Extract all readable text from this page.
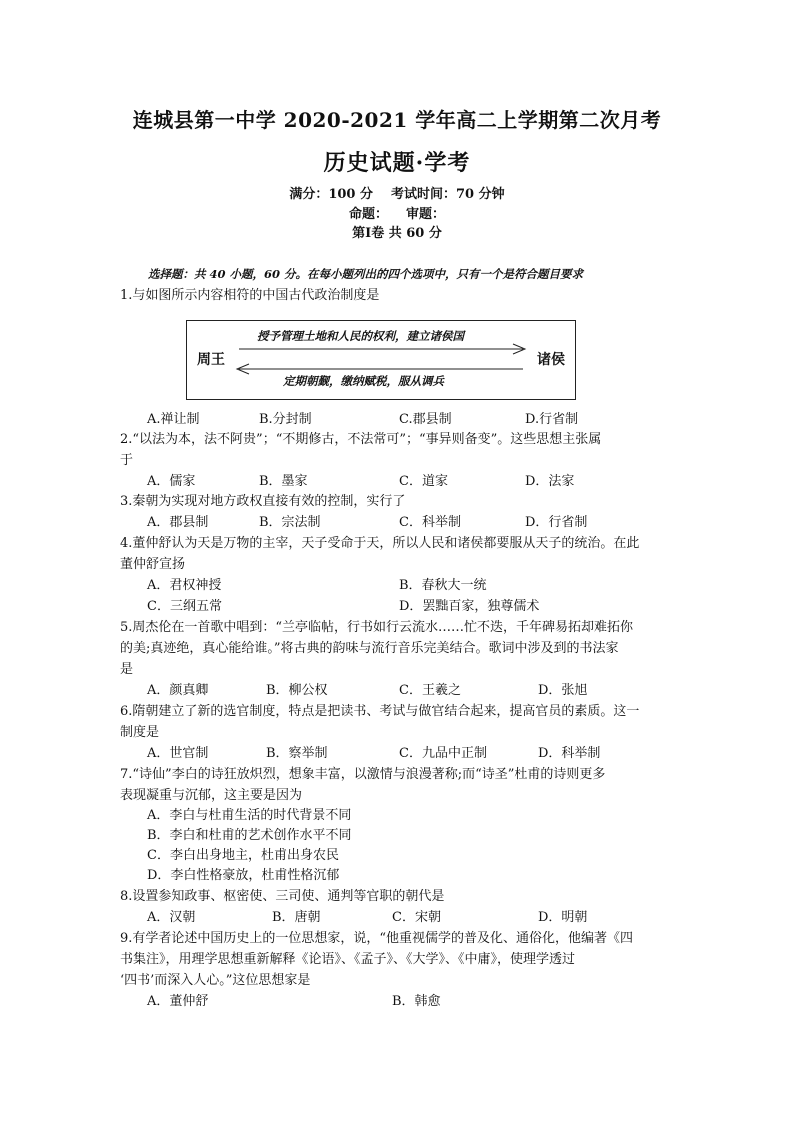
连城县第一中学 2020-2021 学年高二上学期第二次月考
历史试题·学考
满分：100 分 考试时间：70 分钟
命题： 审题：
第Ⅰ卷 共 60 分
选择题：共 40 小题，60 分。在每小题列出的四个选项中，只有一个是符合题目要求
1.与如图所示内容相符的中国古代政治制度是
周王	诸侯
授予管理土地和人民的权利，建立诸侯国
定期朝觐，缴纳赋税，服从调兵
A.禅让制	B.分封制	C.郡县制	D.行省制
2.“以法为本，法不阿贵”；“不期修古，不法常可”；“事异则备变”。这些思想主张属
于
A．儒家	B．墨家	C．道家	D．法家
3.秦朝为实现对地方政权直接有效的控制，实行了
A．郡县制	B．宗法制	C．科举制	D．行省制
4.董仲舒认为天是万物的主宰，天子受命于天，所以人民和诸侯都要服从天子的统治。在此
董仲舒宣扬
A．君权神授	B．春秋大一统
C．三纲五常	D．罢黜百家，独尊儒术
5.周杰伦在一首歌中唱到：“兰亭临帖，行书如行云流水……忙不迭，千年碑易拓却难拓你
的美;真迹绝，真心能给谁。”将古典的韵味与流行音乐完美结合。歌词中涉及到的书法家
是
A．颜真卿	B．柳公权	C．王羲之	D．张旭
6.隋朝建立了新的选官制度，特点是把读书、考试与做官结合起来，提高官员的素质。这一
制度是
A．世官制	B．察举制	C．九品中正制	D．科举制
7.“诗仙”李白的诗狂放炽烈，想象丰富，以激情与浪漫著称;而“诗圣”杜甫的诗则更多
表现凝重与沉郁，这主要是因为
A．李白与杜甫生活的时代背景不同
B．李白和杜甫的艺术创作水平不同
C．李白出身地主，杜甫出身农民
D．李白性格豪放，杜甫性格沉郁
8.设置参知政事、枢密使、三司使、通判等官职的朝代是
A．汉朝	B．唐朝	C．宋朝	D．明朝
9.有学者论述中国历史上的一位思想家，说，“他重视儒学的普及化、通俗化，他编著《四
书集注》，用理学思想重新解释《论语》、《孟子》、《大学》、《中庸》，使理学透过
‘四书’而深入人心。”这位思想家是
A．董仲舒	B．韩愈
